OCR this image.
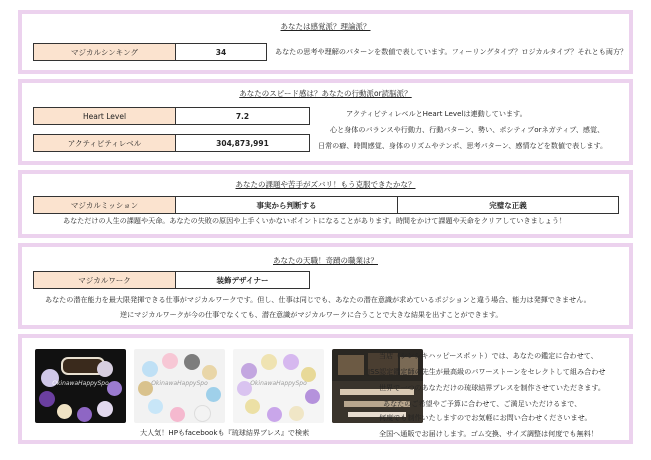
あなたは感覚派？理論派？
マジカルシンキング	34	あなたの思考や理解のパターンを数値で表しています。フィーリングタイプ？ロジカルタイプ？それとも両方？
あなたのスピード感は？あなたの行動派or読脳派？
Heart Level	7.2
アクティビティレベル	304,873,991
アクティビティレベルとHeart Levelは連動しています。
心と身体のバランスや行動力、行動パターン、勢い、ポシティブorネガティブ、感覚、
日常の癖、時間感覚、身体のリズムやテンポ、思考パターン、感情などを数値で表します。
あなたの課題や苦手がズバリ！もう克服できたかな？
マジカルミッション	事実から判断する	完璧な正義
あなただけの人生の課題や天命。あなたの失敗の原因や上手くいかないポイントになることがあります。時間をかけて課題や天命をクリアしていきましょう！
あなたの天職！奇蹟の職業は？
マジカルワーク	装飾デザイナー
あなたの潜在能力を最大限発揮できる仕事がマジカルワークです。但し、仕事は同じでも、あなたの潜在意識が求めているポジションと違う場合、能力は発揮できません。
逆にマジカルワークが今の仕事でなくても、潜在意識がマジカルワークに合うことで大きな結果を出すことができます。
OkinawaHappySpo	OkinawaHappySpo	OkinawaHappySpo
大人気！HPもfacebookも『琉球結界ブレス』で検索
当店（シンシキハッピースポット）では、あなたの鑑定に合わせて、
JSS認定鑑定師の先生が最高級のパワーストーンをセレクトして組み合わせ
世界で一つのあなただけの琉球結界ブレスを制作させていただきます。
あなたのご希望やご予算に合わせて、ご満足いただけるまで、
何度でも制作いたしますのでお気軽にお問い合わせくださいませ。
全国へ通販でお届けします。ゴム交換、サイズ調整は何度でも無料！
